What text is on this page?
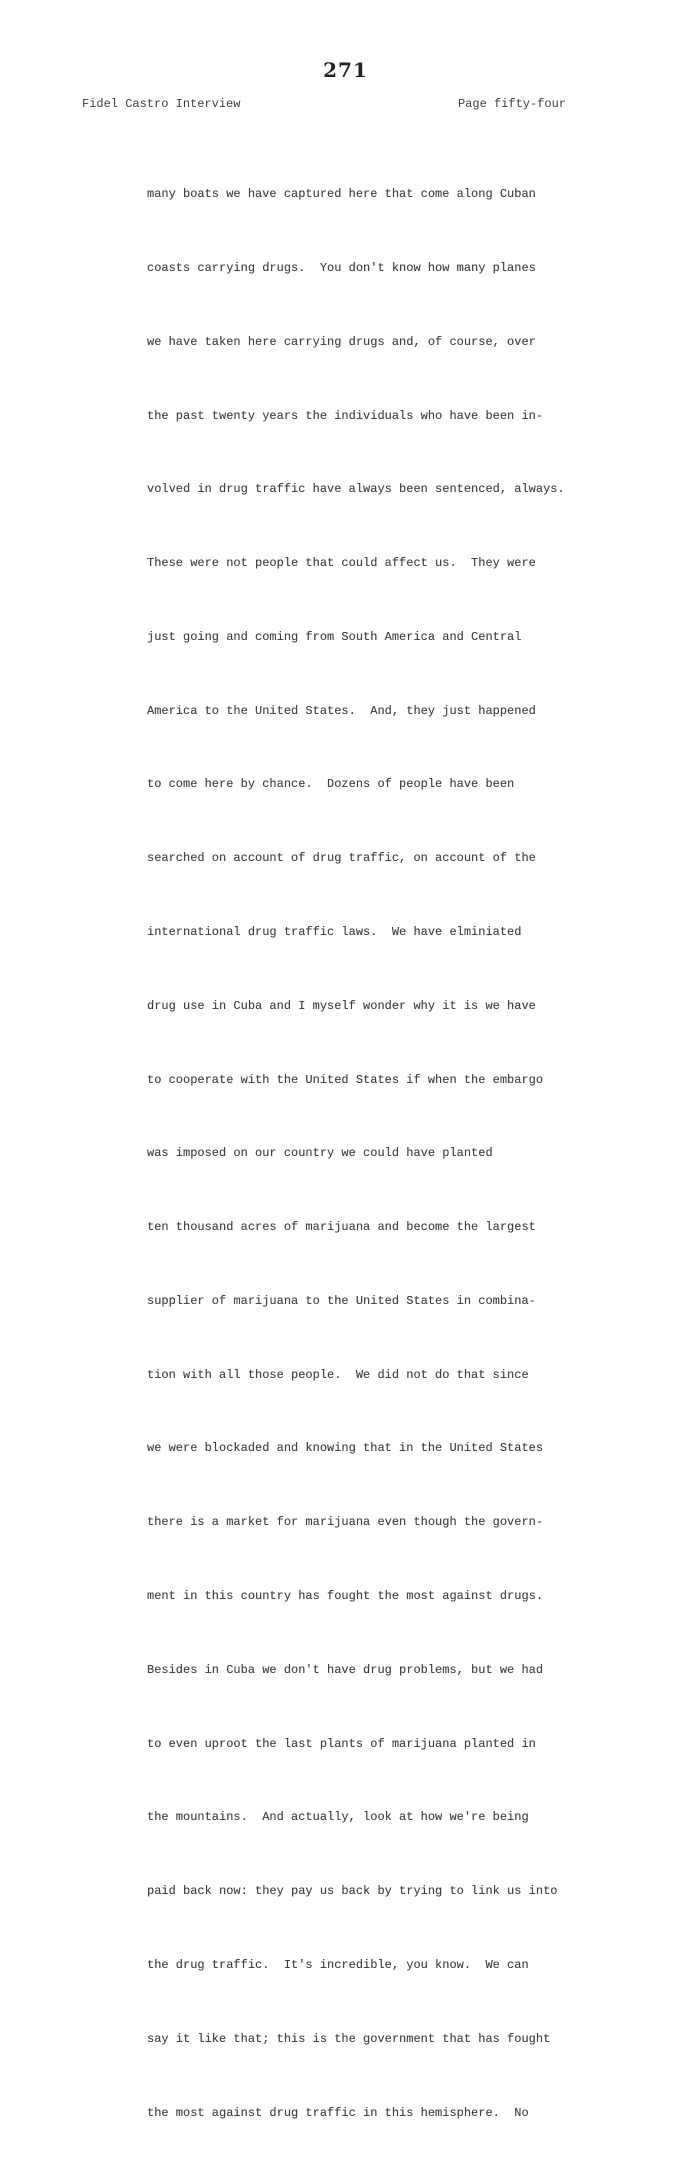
271
Fidel Castro Interview	Page fifty-four

many boats we have captured here that come along Cuban

coasts carrying drugs.  You don't know how many planes

we have taken here carrying drugs and, of course, over

the past twenty years the individuals who have been in-

volved in drug traffic have always been sentenced, always.

These were not people that could affect us.  They were

just going and coming from South America and Central

America to the United States.  And, they just happened

to come here by chance.  Dozens of people have been

searched on account of drug traffic, on account of the

international drug traffic laws.  We have elminiated

drug use in Cuba and I myself wonder why it is we have

to cooperate with the United States if when the embargo

was imposed on our country we could have planted

ten thousand acres of marijuana and become the largest

supplier of marijuana to the United States in combina-

tion with all those people.  We did not do that since

we were blockaded and knowing that in the United States

there is a market for marijuana even though the govern-

ment in this country has fought the most against drugs.

Besides in Cuba we don't have drug problems, but we had

to even uproot the last plants of marijuana planted in

the mountains.  And actually, look at how we're being

paid back now: they pay us back by trying to link us into

the drug traffic.  It's incredible, you know.  We can

say it like that; this is the government that has fought

the most against drug traffic in this hemisphere.  No
